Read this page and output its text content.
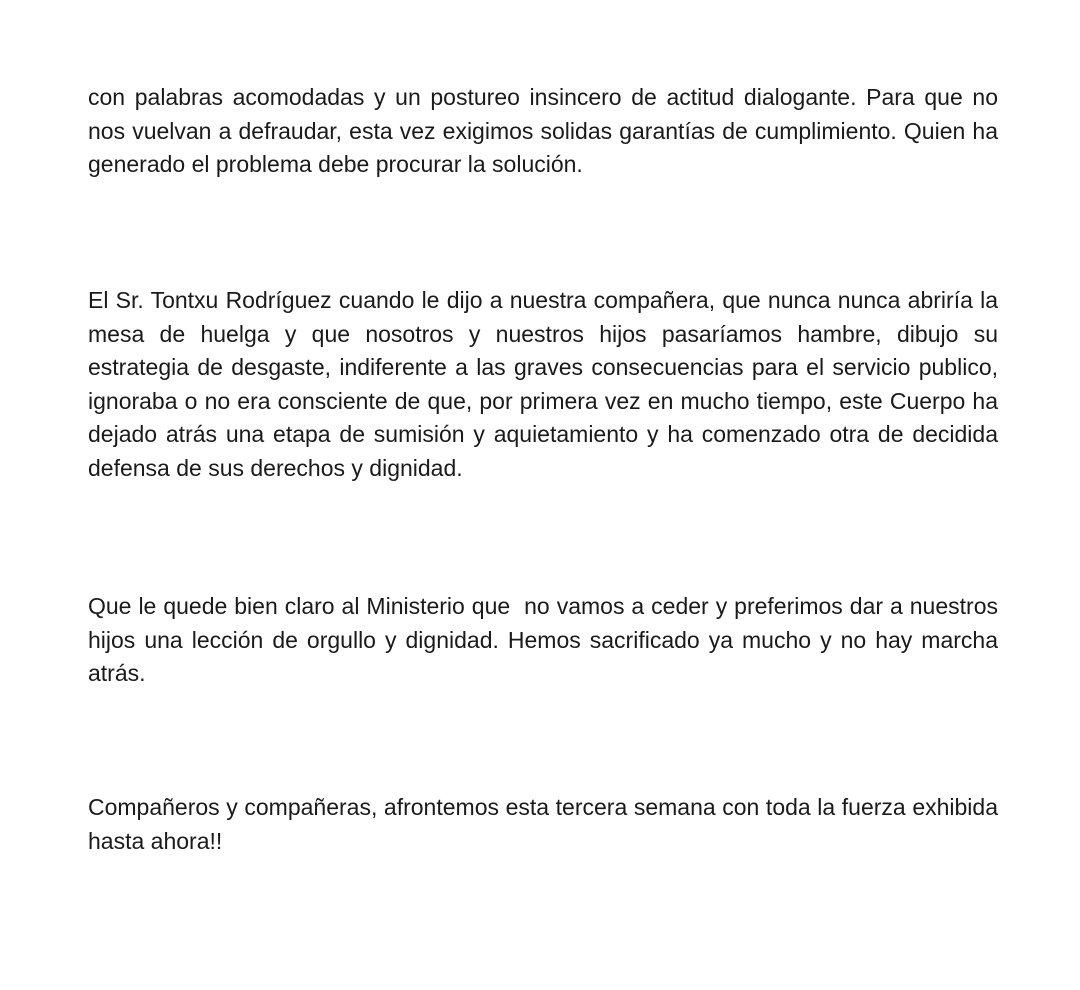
con palabras acomodadas y un postureo insincero de actitud dialogante. Para que no nos vuelvan a defraudar, esta vez exigimos solidas garantías de cumplimiento. Quien ha generado el problema debe procurar la solución.

El Sr. Tontxu Rodríguez cuando le dijo a nuestra compañera, que nunca nunca abriría la mesa de huelga y que nosotros y nuestros hijos pasaríamos hambre, dibujo su estrategia de desgaste, indiferente a las graves consecuencias para el servicio publico, ignoraba o no era consciente de que, por primera vez en mucho tiempo, este Cuerpo ha dejado atrás una etapa de sumisión y aquietamiento y ha comenzado otra de decidida defensa de sus derechos y dignidad.

Que le quede bien claro al Ministerio que  no vamos a ceder y preferimos dar a nuestros hijos una lección de orgullo y dignidad. Hemos sacrificado ya mucho y no hay marcha atrás.

Compañeros y compañeras, afrontemos esta tercera semana con toda la fuerza exhibida hasta ahora!!
